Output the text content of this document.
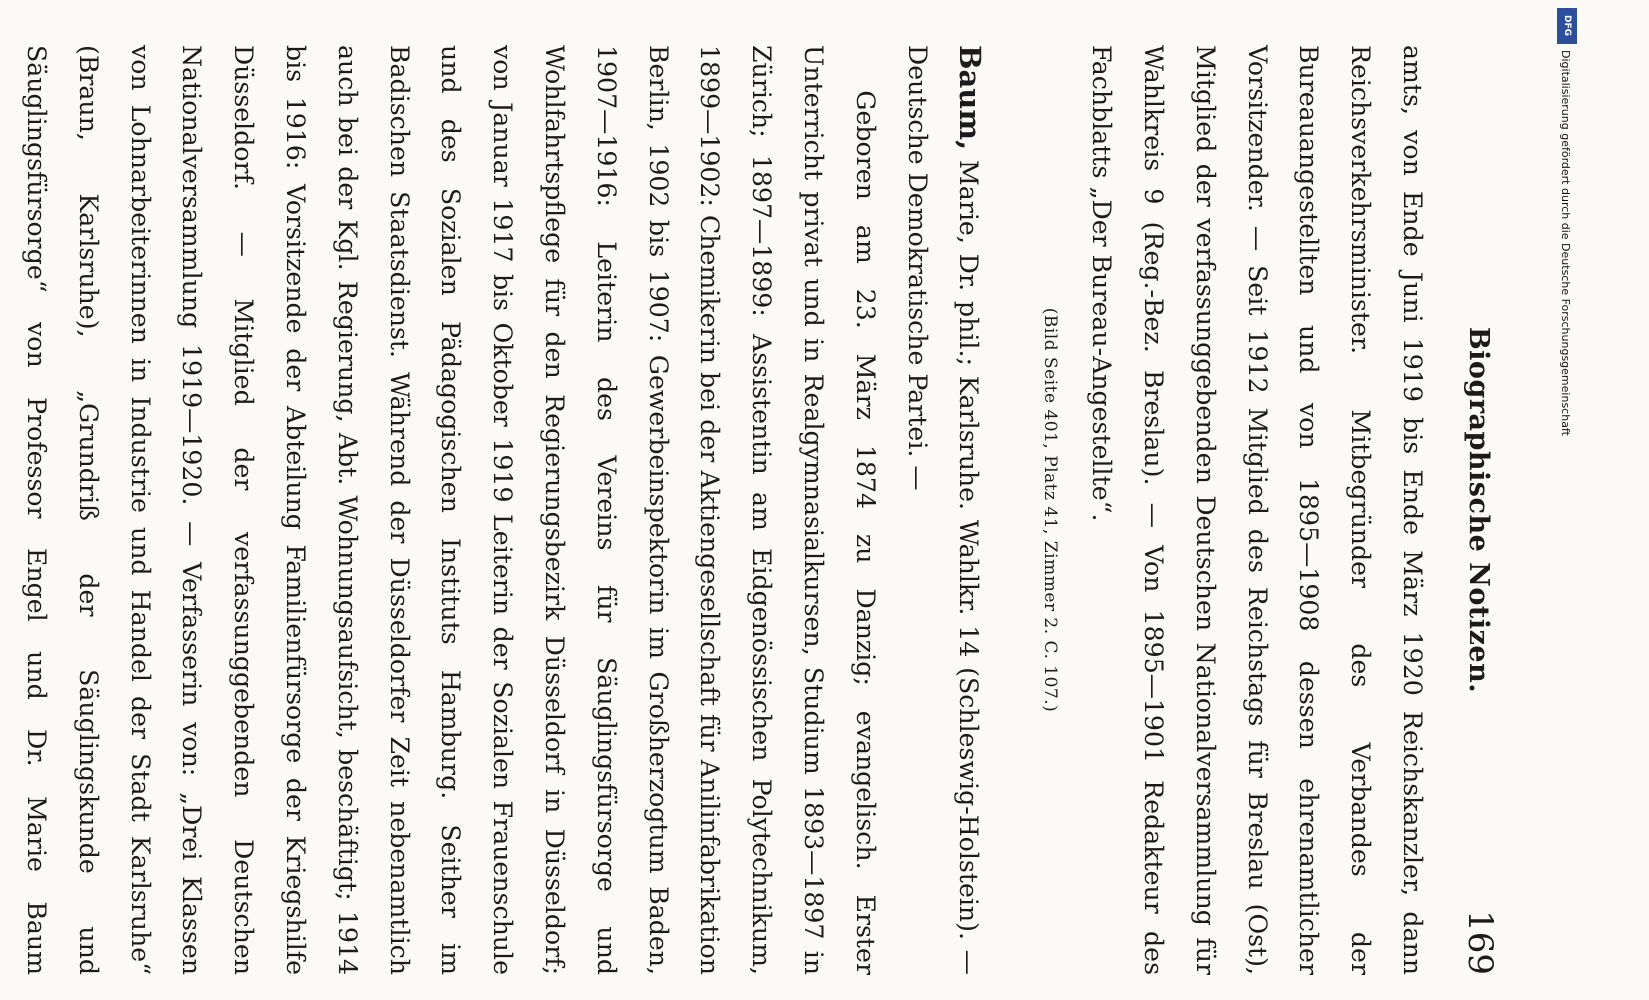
Biographische Notizen.
169

amts, von Ende Juni 1919 bis Ende März 1920 Reichskanzler, dann Reichsverkehrsminister. Mitbegründer des Verbandes der Bureauangestellten und von 1895—1908 dessen ehrenamtlicher Vorsitzender. — Seit 1912 Mitglied des Reichstags für Breslau (Ost), Mitglied der verfassunggebenden Deutschen Nationalversammlung für Wahlkreis 9 (Reg.-Bez. Breslau). — Von 1895—1901 Redakteur des Fachblatts „Der Bureau-Angestellte“.

(Bild Seite 401, Platz 41, Zimmer 2. C. 107.)

Baum, Marie, Dr. phil.; Karlsruhe. Wahlkr. 14 (Schleswig-Holstein). — Deutsche Demokratische Partei. —

Geboren am 23. März 1874 zu Danzig; evangelisch. Erster Unterricht privat und in Realgymnasialkursen, Studium 1893—1897 in Zürich; 1897—1899: Assistentin am Eidgenössischen Polytechnikum, 1899—1902: Chemikerin bei der Aktiengesellschaft für Anilinfabrikation Berlin, 1902 bis 1907: Gewerbeinspektorin im Großherzogtum Baden, 1907—1916: Leiterin des Vereins für Säuglingsfürsorge und Wohlfahrtspflege für den Regierungsbezirk Düsseldorf in Düsseldorf; von Januar 1917 bis Oktober 1919 Leiterin der Sozialen Frauenschule und des Sozialen Pädagogischen Instituts Hamburg. Seither im Badischen Staatsdienst. Während der Düsseldorfer Zeit nebenamtlich auch bei der Kgl. Regierung, Abt. Wohnungsaufsicht, beschäftigt; 1914 bis 1916: Vorsitzende der Abteilung Familienfürsorge der Kriegshilfe Düsseldorf. — Mitglied der verfassunggebenden Deutschen Nationalversammlung 1919—1920. — Verfasserin von: „Drei Klassen von Lohnarbeiterinnen in Industrie und Handel der Stadt Karlsruhe“ (Braun, Karlsruhe), „Grundriß der Säuglingskunde und Säuglingsfürsorge“ von Professor Engel und Dr. Marie Baum

DFG
Digitalisierung gefördert durch die Deutsche Forschungsgemeinschaft
